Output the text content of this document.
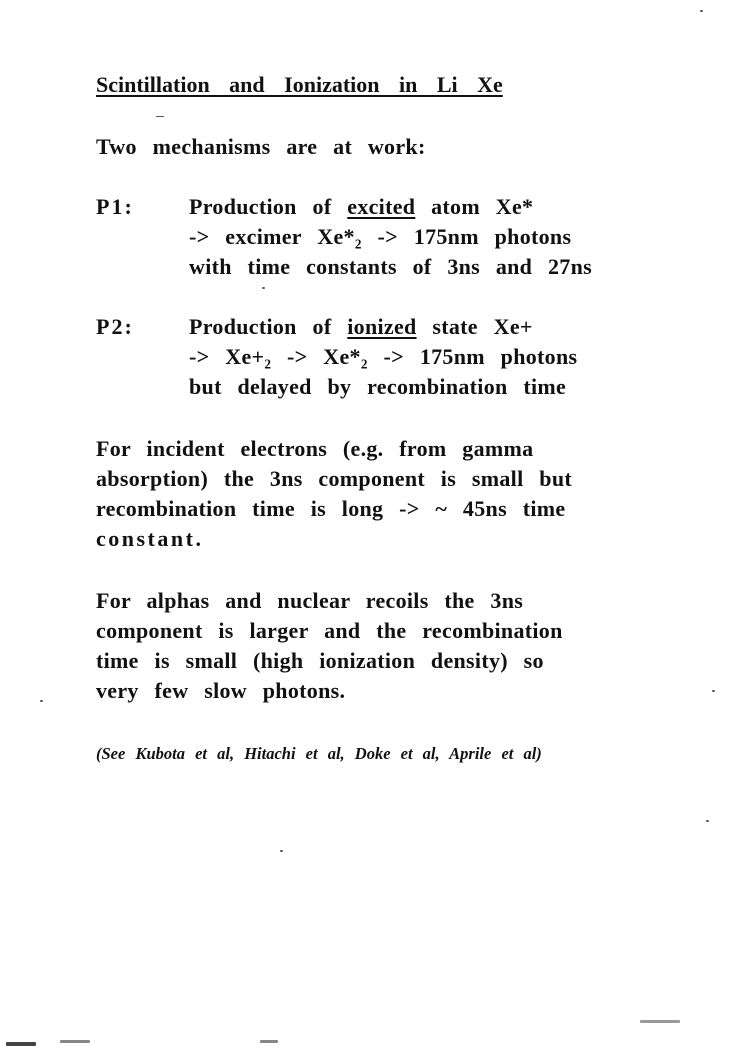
Scintillation and Ionization in Li Xe
Two mechanisms are at work:
P1:	Production of excited atom Xe*
-> excimer Xe*₂ -> 175nm photons
with time constants of 3ns and 27ns
P2:	Production of ionized state Xe+
-> Xe+₂ -> Xe*₂ -> 175nm photons
but delayed by recombination time
For incident electrons (e.g. from gamma
absorption) the 3ns component is small but
recombination time is long -> ~ 45ns time
constant.
For alphas and nuclear recoils the 3ns
component is larger and the recombination
time is small (high ionization density) so
very few slow photons.
(See Kubota et al, Hitachi et al, Doke et al, Aprile et al)
